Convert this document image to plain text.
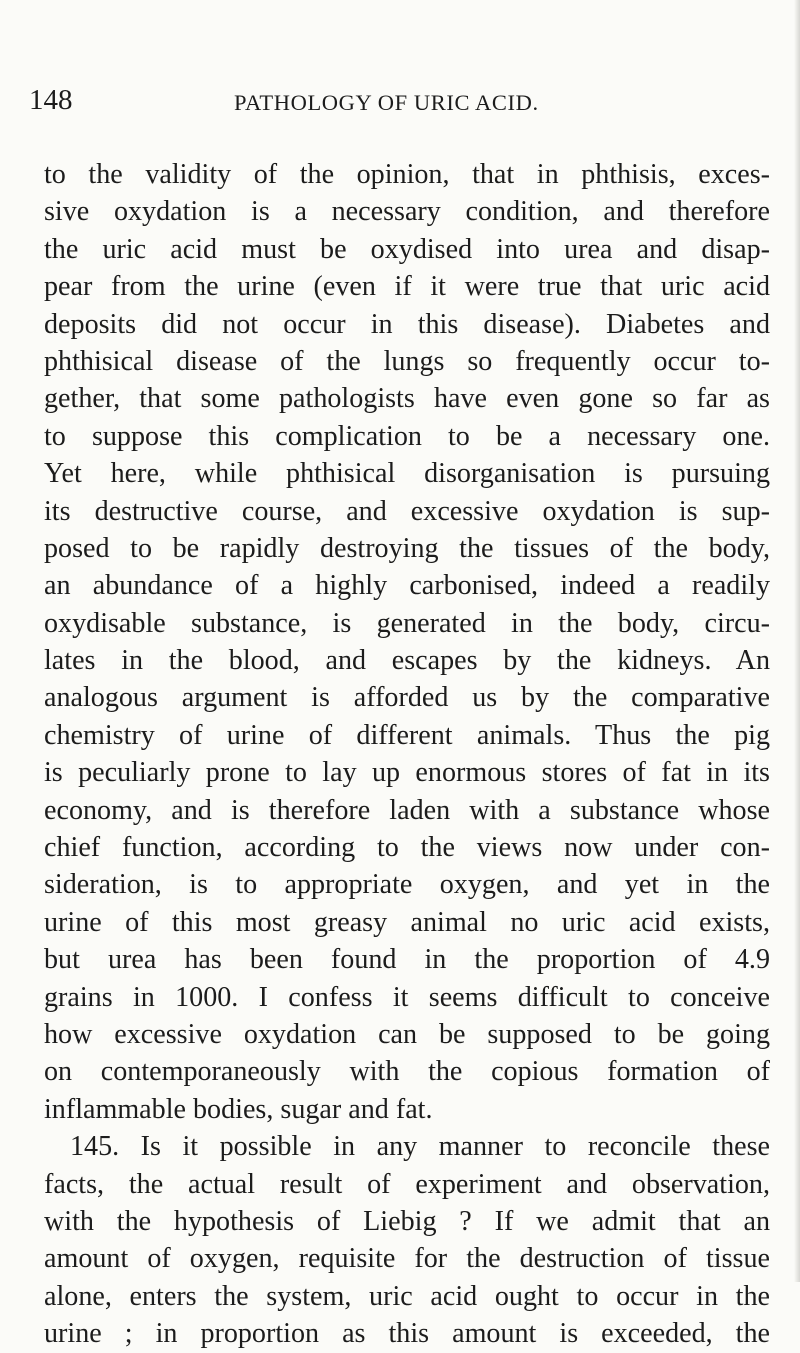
148	PATHOLOGY OF URIC ACID.
to the validity of the opinion, that in phthisis, exces-
sive oxydation is a necessary condition, and therefore
the uric acid must be oxydised into urea and disap-
pear from the urine (even if it were true that uric acid
deposits did not occur in this disease). Diabetes and
phthisical disease of the lungs so frequently occur to-
gether, that some pathologists have even gone so far as
to suppose this complication to be a necessary one.
Yet here, while phthisical disorganisation is pursuing
its destructive course, and excessive oxydation is sup-
posed to be rapidly destroying the tissues of the body,
an abundance of a highly carbonised, indeed a readily
oxydisable substance, is generated in the body, circu-
lates in the blood, and escapes by the kidneys. An
analogous argument is afforded us by the comparative
chemistry of urine of different animals. Thus the pig
is peculiarly prone to lay up enormous stores of fat in its
economy, and is therefore laden with a substance whose
chief function, according to the views now under con-
sideration, is to appropriate oxygen, and yet in the
urine of this most greasy animal no uric acid exists,
but urea has been found in the proportion of 4.9
grains in 1000. I confess it seems difficult to conceive
how excessive oxydation can be supposed to be going
on contemporaneously with the copious formation of
inflammable bodies, sugar and fat.
145. Is it possible in any manner to reconcile these
facts, the actual result of experiment and observation,
with the hypothesis of Liebig ? If we admit that an
amount of oxygen, requisite for the destruction of tissue
alone, enters the system, uric acid ought to occur in the
urine ; in proportion as this amount is exceeded, the
